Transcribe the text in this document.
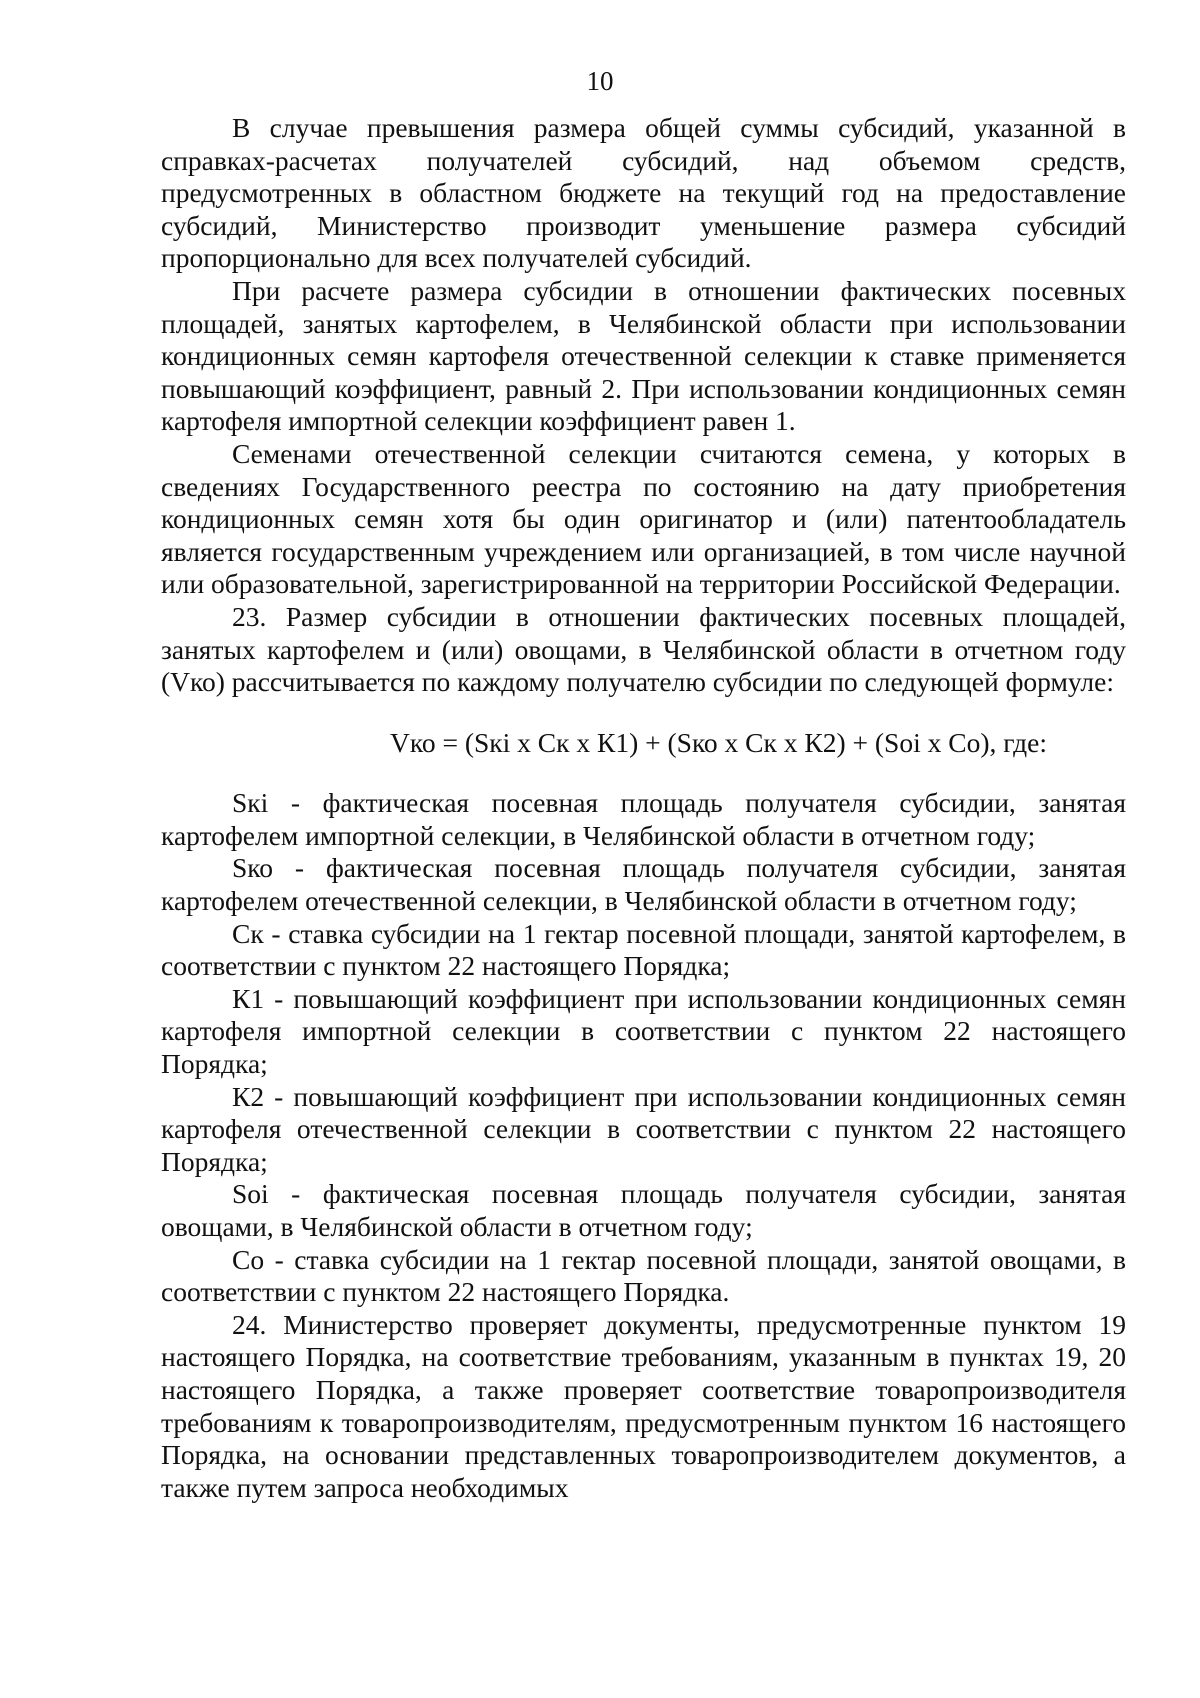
10

В случае превышения размера общей суммы субсидий, указанной в справках-расчетах получателей субсидий, над объемом средств, предусмотренных в областном бюджете на текущий год на предоставление субсидий, Министерство производит уменьшение размера субсидий пропорционально для всех получателей субсидий.

При расчете размера субсидии в отношении фактических посевных площадей, занятых картофелем, в Челябинской области при использовании кондиционных семян картофеля отечественной селекции к ставке применяется повышающий коэффициент, равный 2. При использовании кондиционных семян картофеля импортной селекции коэффициент равен 1.

Семенами отечественной селекции считаются семена, у которых в сведениях Государственного реестра по состоянию на дату приобретения кондиционных семян хотя бы один оригинатор и (или) патентообладатель является государственным учреждением или организацией, в том числе научной или образовательной, зарегистрированной на территории Российской Федерации.

23. Размер субсидии в отношении фактических посевных площадей, занятых картофелем и (или) овощами, в Челябинской области в отчетном году (Vко) рассчитывается по каждому получателю субсидии по следующей формуле:

Vко = (Sкi x Ск x К1) + (Sко x Ск x К2) + (Soi x Co), где:

Sкi - фактическая посевная площадь получателя субсидии, занятая картофелем импортной селекции, в Челябинской области в отчетном году;

Sко - фактическая посевная площадь получателя субсидии, занятая картофелем отечественной селекции, в Челябинской области в отчетном году;

Ск - ставка субсидии на 1 гектар посевной площади, занятой картофелем, в соответствии с пунктом 22 настоящего Порядка;

К1 - повышающий коэффициент при использовании кондиционных семян картофеля импортной селекции в соответствии с пунктом 22 настоящего Порядка;

К2 - повышающий коэффициент при использовании кондиционных семян картофеля отечественной селекции в соответствии с пунктом 22 настоящего Порядка;

Soi - фактическая посевная площадь получателя субсидии, занятая овощами, в Челябинской области в отчетном году;

Co - ставка субсидии на 1 гектар посевной площади, занятой овощами, в соответствии с пунктом 22 настоящего Порядка.

24. Министерство проверяет документы, предусмотренные пунктом 19 настоящего Порядка, на соответствие требованиям, указанным в пунктах 19, 20 настоящего Порядка, а также проверяет соответствие товаропроизводителя требованиям к товаропроизводителям, предусмотренным пунктом 16 настоящего Порядка, на основании представленных товаропроизводителем документов, а также путем запроса необходимых
